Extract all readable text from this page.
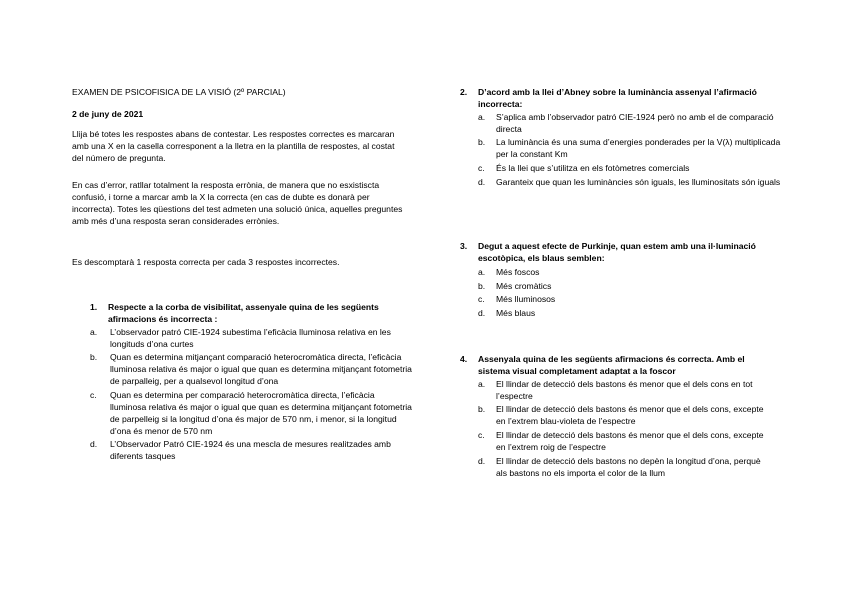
EXAMEN DE PSICOFISICA DE LA VISIÓ (2º PARCIAL)

2 de juny de 2021

Llija bé totes les respostes abans de contestar. Les respostes correctes es marcaran amb una X en la casella corresponent a la lletra en la plantilla de respostes, al costat del número de pregunta.

En cas d’error, ratllar totalment la resposta errònia, de manera que no esxistiscta confusió, i torne a marcar amb la X la correcta (en cas de dubte es donarà per incorrecta). Totes les qüestions del test admeten una solució única, aquelles preguntes amb més d’una resposta seran considerades errònies.

Es descomptarà 1 resposta correcta per cada 3 respostes incorrectes.

1.	Respecte a la corba de visibilitat, assenyale quina de les següents afirmacions és incorrecta :
a.	L’observador patró CIE-1924 subestima l’eficàcia lluminosa relativa en les longituds d’ona curtes
b.	Quan es determina mitjançant comparació heterocromàtica directa, l’eficàcia lluminosa relativa és major o igual que quan es determina mitjançant fotometria de parpalleig, per a qualsevol longitud d’ona
c.	Quan es determina per comparació heterocromàtica directa, l’eficàcia lluminosa relativa és major o igual que quan es determina mitjançant fotometria de parpelleig si la longitud d’ona és major de 570 nm, i menor, si la longitud d’ona és menor de 570 nm
d.	L’Observador Patró CIE-1924 és una mescla de mesures realitzades amb diferents tasques
2.	D’acord amb la llei d’Abney sobre la luminància assenyal l’afirmació incorrecta:
a.	S’aplica amb l’observador patró CIE-1924 però no amb el de comparació directa
b.	La luminància és una suma d’energies ponderades per la V(λ) multiplicada per la constant Km
c.	És la llei que s’utilitza en els fotòmetres comercials
d.	Garanteix que quan les luminàncies són iguals, les lluminositats són iguals
3.	Degut a aquest efecte de Purkinje, quan estem amb una il·luminació escotòpica, els blaus semblen:
a.	Més foscos
b.	Més cromàtics
c.	Més lluminosos
d.	Més blaus
4.	Assenyala quina de les següents afirmacions és correcta. Amb el sistema visual completament adaptat a la foscor
a.	El llindar de detecció dels bastons és menor que el dels cons en tot l’espectre
b.	El llindar de detecció dels bastons és menor que el dels cons, excepte en l’extrem blau-violeta de l’espectre
c.	El llindar de detecció dels bastons és menor que el dels cons, excepte en l’extrem roig de l’espectre
d.	El llindar de detecció dels bastons no depèn la longitud d’ona, perquè als bastons no els importa el color de la llum
